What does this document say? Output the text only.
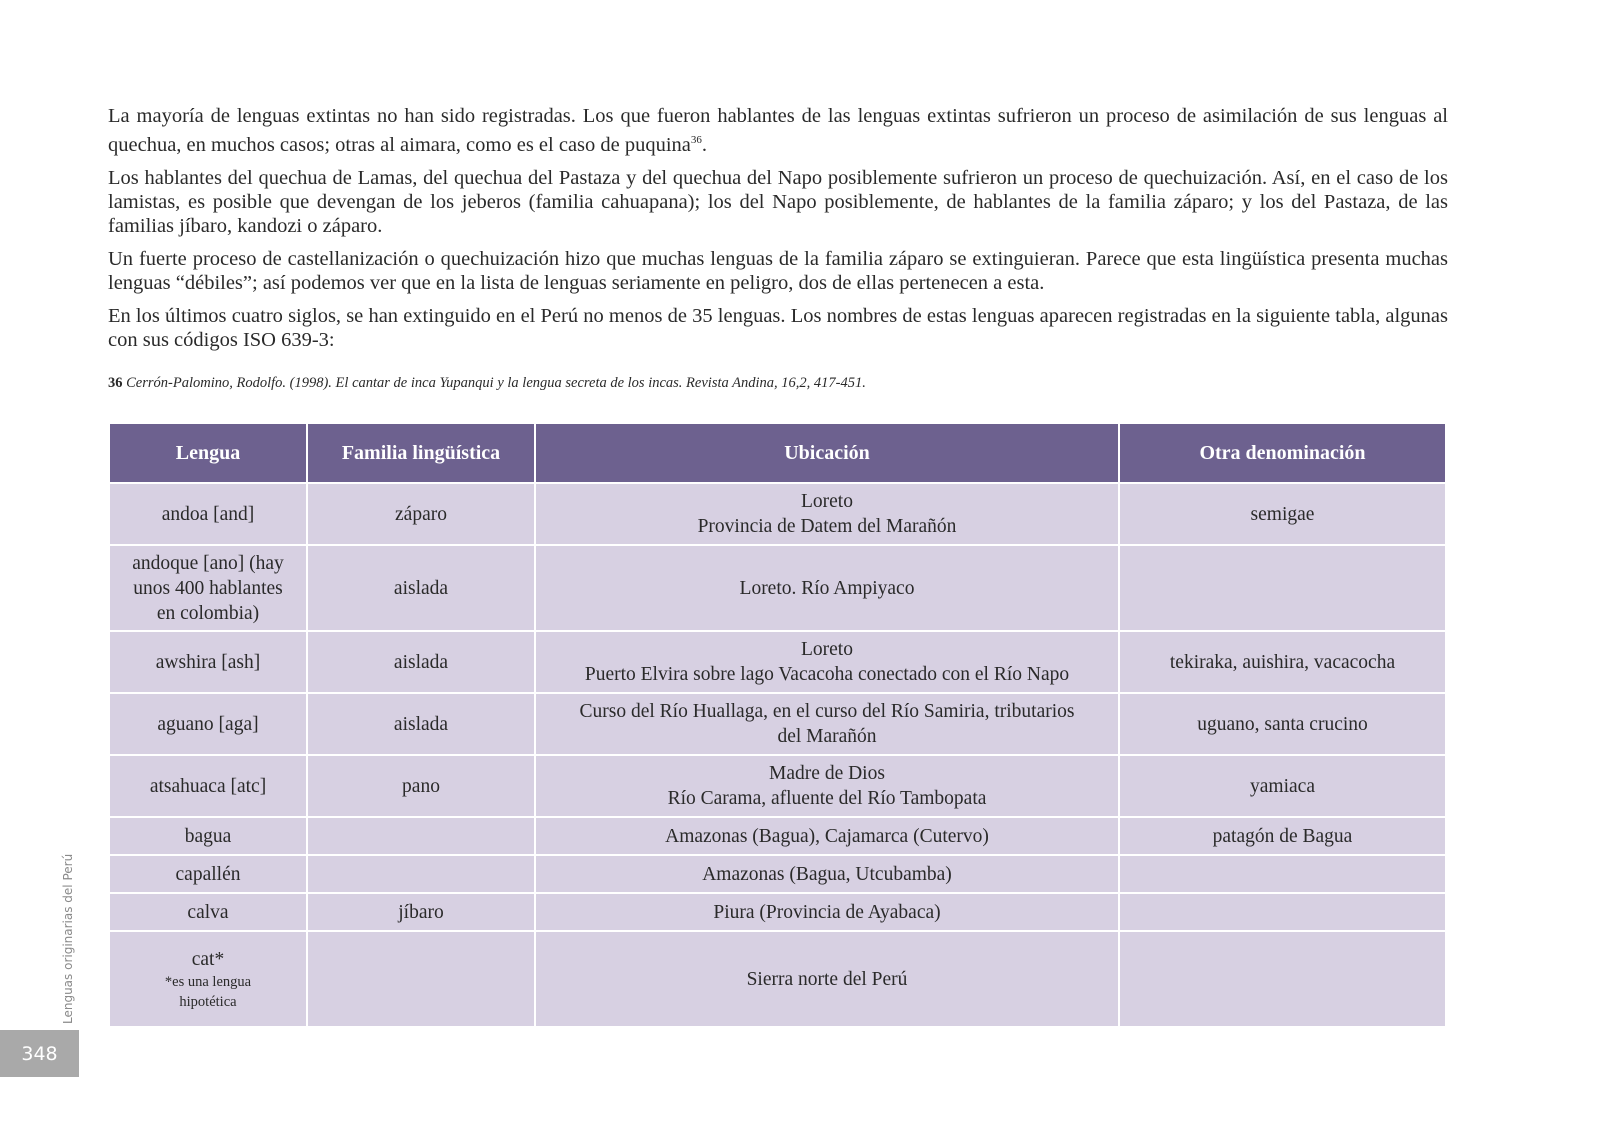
La mayoría de lenguas extintas no han sido registradas. Los que fueron hablantes de las lenguas extintas sufrieron un proceso de asimilación de sus lenguas al quechua, en muchos casos; otras al aimara, como es el caso de puquina$^{36}$.

Los hablantes del quechua de Lamas, del quechua del Pastaza y del quechua del Napo posiblemente sufrieron un proceso de quechuización. Así, en el caso de los lamistas, es posible que devengan de los jeberos (familia cahuapana); los del Napo posiblemente, de hablantes de la familia záparo; y los del Pastaza, de las familias jíbaro, kandozi o záparo.

Un fuerte proceso de castellanización o quechuización hizo que muchas lenguas de la familia záparo se extinguieran. Parece que esta lingüística presenta muchas lenguas “débiles”; así podemos ver que en la lista de lenguas seriamente en peligro, dos de ellas pertenecen a esta.

En los últimos cuatro siglos, se han extinguido en el Perú no menos de 35 lenguas. Los nombres de estas lenguas aparecen registradas en la siguiente tabla, algunas con sus códigos ISO 639-3:

36 Cerrón-Palomino, Rodolfo. (1998). El cantar de inca Yupanqui y la lengua secreta de los incas. Revista Andina, 16,2, 417-451.
Lengua	Familia lingüística	Ubicación	Otra denominación

andoa [and]	záparo	Loreto
Provincia de Datem del Marañón	semigae

andoque [ano] (hay
unos 400 hablantes
en colombia)	aislada	Loreto. Río Ampiyaco	

awshira [ash]	aislada	Loreto
Puerto Elvira sobre lago Vacacoha conectado con el Río Napo	tekiraka, auishira, vacacocha

aguano [aga]	aislada	Curso del Río Huallaga, en el curso del Río Samiria, tributarios
del Marañón	uguano, santa crucino

atsahuaca [atc]	pano	Madre de Dios
Río Carama, afluente del Río Tambopata	yamiaca

bagua		Amazonas (Bagua), Cajamarca (Cutervo)	patagón de Bagua

capallén		Amazonas (Bagua, Utcubamba)	

calva	jíbaro	Piura (Provincia de Ayabaca)	

cat*
*es una lengua
hipotética		Sierra norte del Perú	

Lenguas originarias del Perú
348
